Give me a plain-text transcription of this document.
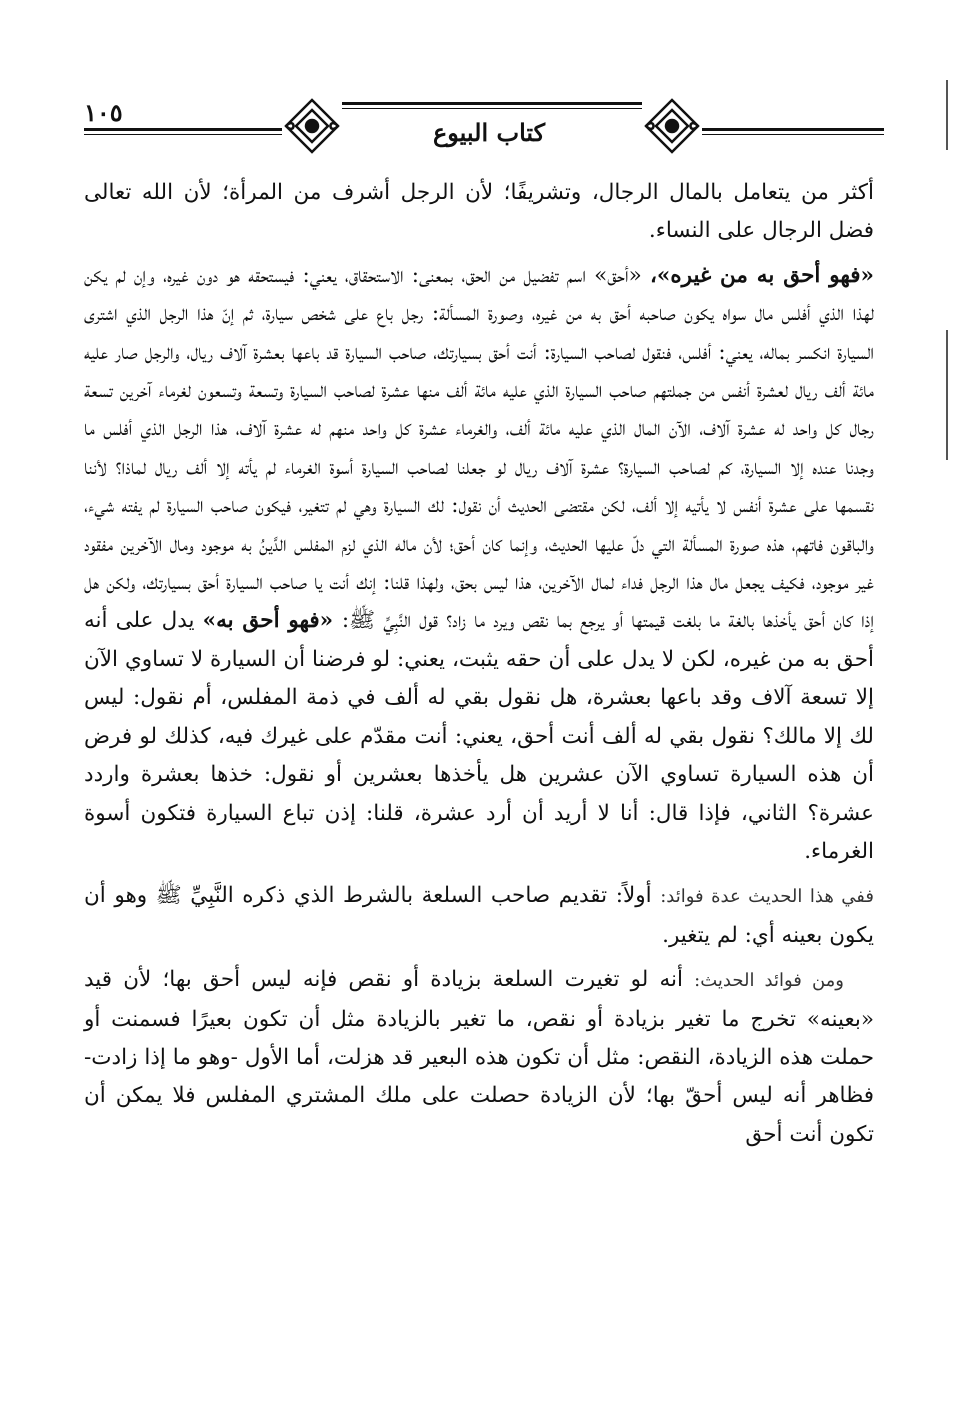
١٠٥
كتاب البيوع

أكثر من يتعامل بالمال الرجال، وتشريفًا؛ لأن الرجل أشرف من المرأة؛ لأن الله تعالى فضل الرجال على النساء.

«فهو أحق به من غيره»، «أحق» اسم تفضيل من الحق، بمعنى: الاستحقاق، يعني: فيستحقه هو دون غيره، وإن لم يكن لهذا الذي أفلس مال سواه يكون صاحبه أحق به من غيره، وصورة المسألة: رجل باع على شخص سيارة، ثم إنّ هذا الرجل الذي اشترى السيارة انكسر بماله، يعني: أفلس، فنقول لصاحب السيارة: أنت أحق بسيارتك، صاحب السيارة قد باعها بعشرة آلاف ريال، والرجل صار عليه مائة ألف ريال لعشرة أنفس من جملتهم صاحب السيارة الذي عليه مائة ألف منها عشرة لصاحب السيارة وتسعة وتسعون لغرماء آخرين تسعة رجال كل واحد له عشرة آلاف، الآن المال الذي عليه مائة ألف، والغرماء عشرة كل واحد منهم له عشرة آلاف، هذا الرجل الذي أفلس ما وجدنا عنده إلا السيارة، كم لصاحب السيارة؟ عشرة آلاف ريال لو جعلنا لصاحب السيارة أسوة الغرماء لم يأته إلا ألف ريال لماذا؟ لأننا نقسمها على عشرة أنفس لا يأتيه إلا ألف، لكن مقتضى الحديث أن نقول: لك السيارة وهي لم تتغير، فيكون صاحب السيارة لم يفته شيء، والباقون فاتهم، هذه صورة المسألة التي دلّ عليها الحديث، وإنما كان أحق؛ لأن ماله الذي لزم المفلس الدَّينُ به موجود ومال الآخرين مفقود غير موجود، فكيف يجعل مال هذا الرجل فداء لمال الآخرين، هذا ليس بحق، ولهذا قلنا: إنك أنت يا صاحب السيارة أحق بسيارتك، ولكن هل إذا كان أحق يأخذها بالغة ما بلغت قيمتها أو يرجع بما نقص ويرد ما زاد؟ قول النَّبِيِّ ﷺ: «فهو أحق به» يدل على أنه أحق به من غيره، لكن لا يدل على أن حقه يثبت، يعني: لو فرضنا أن السيارة لا تساوي الآن إلا تسعة آلاف وقد باعها بعشرة، هل نقول بقي له ألف في ذمة المفلس، أم نقول: ليس لك إلا مالك؟ نقول بقي له ألف أنت أحق، يعني: أنت مقدّم على غيرك فيه، كذلك لو فرض أن هذه السيارة تساوي الآن عشرين هل يأخذها بعشرين أو نقول: خذها بعشرة واردد عشرة؟ الثاني، فإذا قال: أنا لا أريد أن أرد عشرة، قلنا: إذن تباع السيارة فتكون أسوة الغرماء.

ففي هذا الحديث عدة فوائد: أولاً: تقديم صاحب السلعة بالشرط الذي ذكره النَّبِيِّ ﷺ وهو أن يكون بعينه أي: لم يتغير.

ومن فوائد الحديث: أنه لو تغيرت السلعة بزيادة أو نقص فإنه ليس أحق بها؛ لأن قيد «بعينه» تخرج ما تغير بزيادة أو نقص، ما تغير بالزيادة مثل أن تكون بعيرًا فسمنت أو حملت هذه الزيادة، النقص: مثل أن تكون هذه البعير قد هزلت، أما الأول -وهو ما إذا زادت- فظاهر أنه ليس أحقّ بها؛ لأن الزيادة حصلت على ملك المشتري المفلس فلا يمكن أن تكون أنت أحق
